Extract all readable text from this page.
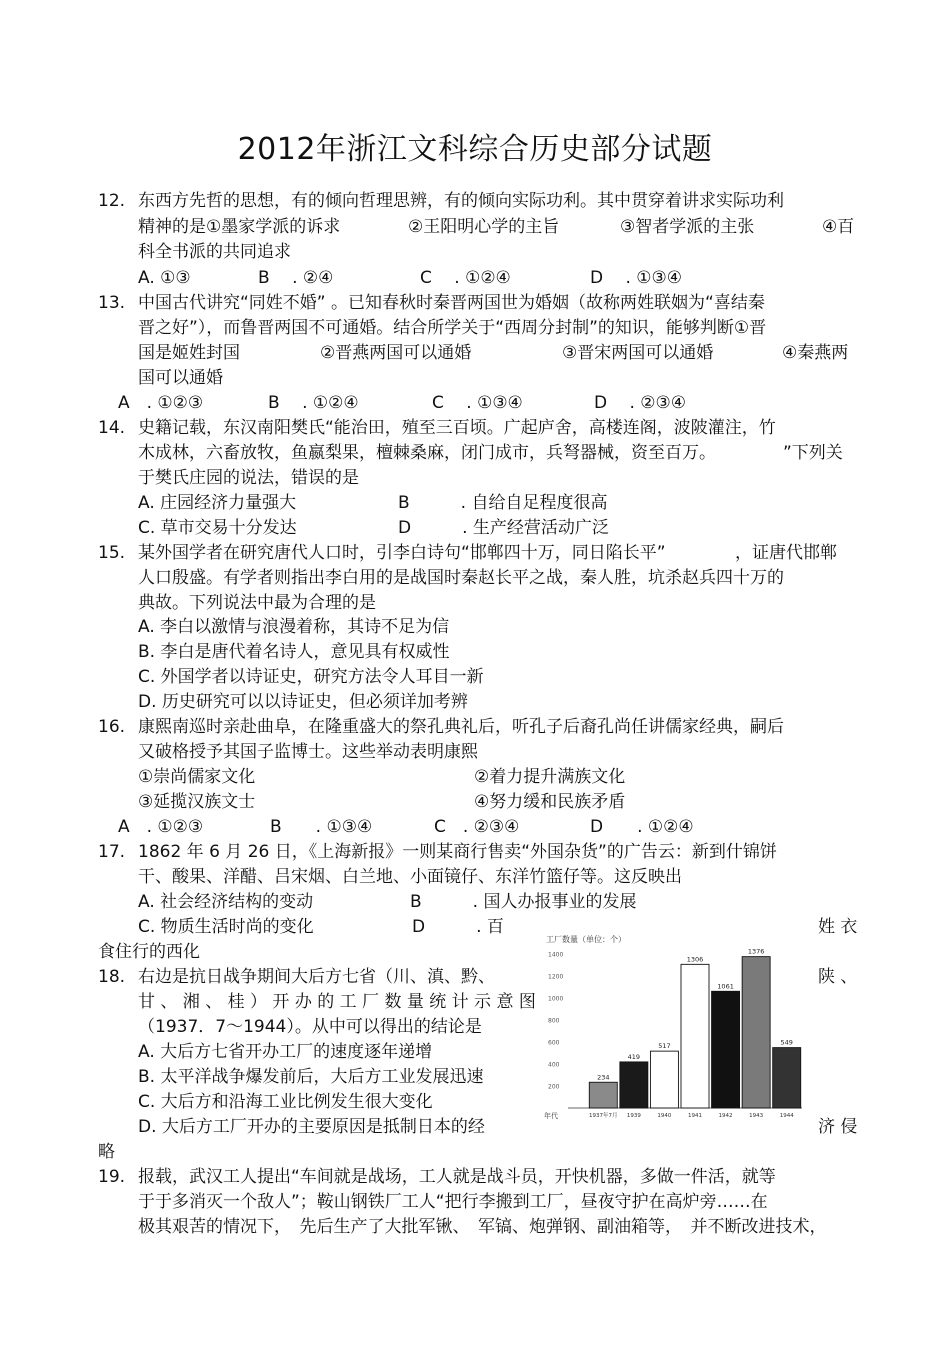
2012年浙江文科综合历史部分试题
12. 东西方先哲的思想，有的倾向哲理思辨，有的倾向实际功利。其中贯穿着讲求实际功利
精神的是①墨家学派的诉求	②王阳明心学的主旨	③智者学派的主张	④百
科全书派的共同追求
A. ①③	B　 . ②④	C　 . ①②④	D　 . ①③④
13. 中国古代讲究“同姓不婚” 。已知春秋时秦晋两国世为婚姻（故称两姓联姻为“喜结秦
晋之好”），而鲁晋两国不可通婚。结合所学关于“西周分封制”的知识，能够判断①晋
国是姬姓封国	②晋燕两国可以通婚	③晋宋两国可以通婚	④秦燕两
国可以通婚
A　. ①②③	B　 . ①②④	C　 . ①③④	D　 . ②③④
14. 史籍记载，东汉南阳樊氏“能治田，殖至三百顷。广起庐舍，高楼连阁，波陂灌注，竹
木成林，六畜放牧，鱼嬴梨果，檀棘桑麻，闭门成市，兵弩器械，资至百万。	”下列关
于樊氏庄园的说法，错误的是
A. 庄园经济力量强大	B　　　. 自给自足程度很高
C. 草市交易十分发达	D　　　. 生产经营活动广泛
15. 某外国学者在研究唐代人口时，引李白诗句“邯郸四十万，同日陷长平”	，证唐代邯郸
人口殷盛。有学者则指出李白用的是战国时秦赵长平之战，秦人胜，坑杀赵兵四十万的
典故。下列说法中最为合理的是
A. 李白以激情与浪漫着称，其诗不足为信
B. 李白是唐代着名诗人，意见具有权威性
C. 外国学者以诗证史，研究方法令人耳目一新
D. 历史研究可以以诗证史，但必须详加考辨
16. 康熙南巡时亲赴曲阜，在隆重盛大的祭孔典礼后，听孔子后裔孔尚任讲儒家经典，嗣后
又破格授予其国子监博士。这些举动表明康熙
①崇尚儒家文化	②着力提升满族文化
③延揽汉族文士	④努力缓和民族矛盾
A　. ①②③	B　　. ①③④	C　. ②③④	D　　. ①②④
17. 1862 年 6 月 26 日，《上海新报》一则某商行售卖“外国杂货”的广告云：新到什锦饼
干、酸果、洋醋、吕宋烟、白兰地、小面镜仔、东洋竹篮仔等。这反映出
A. 社会经济结构的变动	B　　　. 国人办报事业的发展
C. 物质生活时尚的变化	D　　　. 百	姓 衣
食住行的西化
18. 右边是抗日战争期间大后方七省（川、滇、黔、	陕 、
甘 、 湘 、 桂 ） 开 办 的 工 厂 数 量 统 计 示 意 图
（1937．7～1944）。从中可以得出的结论是
A. 大后方七省开办工厂的速度逐年递增
B. 太平洋战争爆发前后，大后方工业发展迅速
C. 大后方和沿海工业比例发生很大变化
D. 大后方工厂开办的主要原因是抵制日本的经	济 侵
略
19. 报载，武汉工人提出“车间就是战场，工人就是战斗员，开快机器，多做一件活，就等
于于多消灭一个敌人”；鞍山钢铁厂工人“把行李搬到工厂，昼夜守护在高炉旁……在
极其艰苦的情况下，　先后生产了大批军锹、　军镐、炮弹钢、副油箱等，　并不断改进技术，
工厂数量（单位：个）
年代
200
400
600
800
1000
1200
1400
234
1937年7月
419
1939
517
1940
1306
1941
1061
1942
1376
1943
549
1944
